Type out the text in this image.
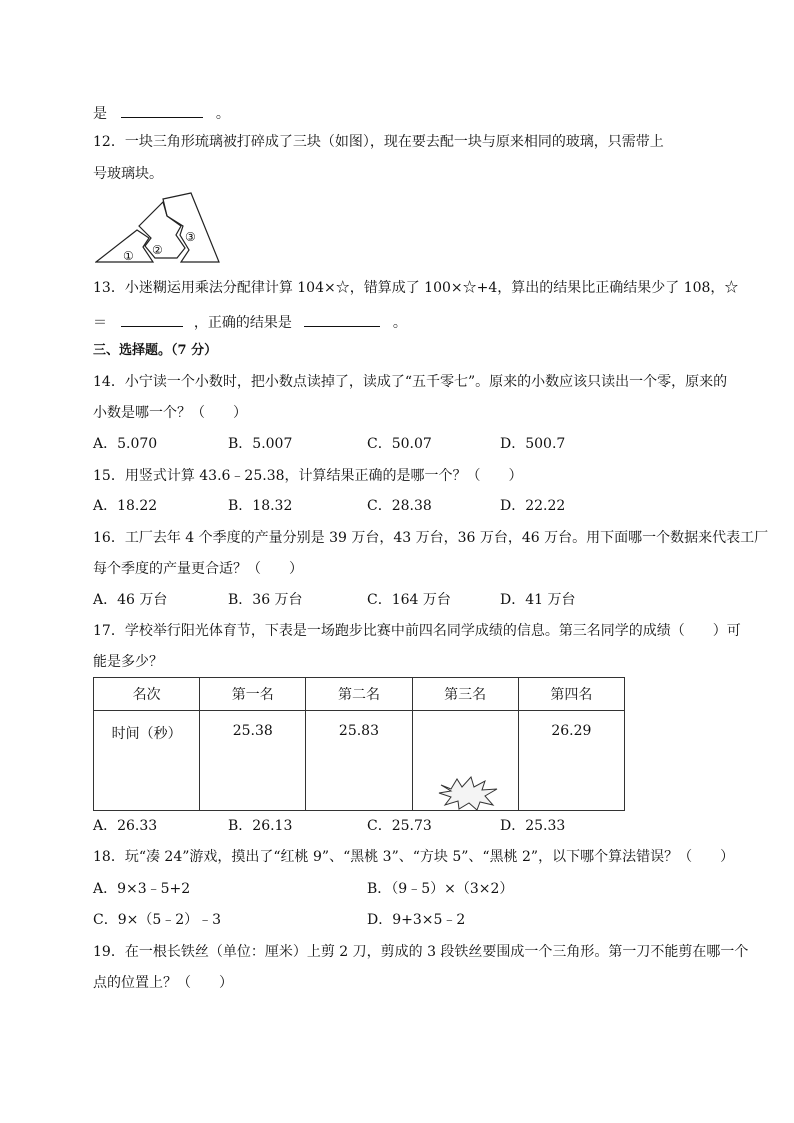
是	。
12．一块三角形琉璃被打碎成了三块（如图），现在要去配一块与原来相同的玻璃，只需带上
号玻璃块。
① ②
③
13．小迷糊运用乘法分配律计算 104×☆，错算成了 100×☆+4，算出的结果比正确结果少了 108，☆
＝	，正确的结果是	。
三、选择题。（7 分）
14．小宁读一个小数时，把小数点读掉了，读成了“五千零七”。原来的小数应该只读出一个零，原来的
小数是哪一个？（　　）
A．5.070	B．5.007	C．50.07	D．500.7
15．用竖式计算 43.6﹣25.38，计算结果正确的是哪一个？（　　）
A．18.22	B．18.32	C．28.38	D．22.22
16．工厂去年 4 个季度的产量分别是 39 万台，43 万台，36 万台，46 万台。用下面哪一个数据来代表工厂
每个季度的产量更合适？（　　）
A．46 万台	B．36 万台	C．164 万台	D．41 万台
17．学校举行阳光体育节，下表是一场跑步比赛中前四名同学成绩的信息。第三名同学的成绩（　　）可
能是多少？
名次	第一名	第二名	第三名	第四名
时间（秒）	25.38	25.83		26.29
A．26.33	B．26.13	C．25.73	D．25.33
18．玩“凑 24”游戏，摸出了“红桃 9”、“黑桃 3”、“方块 5”、“黑桃 2”，以下哪个算法错误？（　　）
A．9×3﹣5+2	B．（9﹣5）×（3×2）
C．9×（5﹣2）﹣3	D．9+3×5﹣2
19．在一根长铁丝（单位：厘米）上剪 2 刀，剪成的 3 段铁丝要围成一个三角形。第一刀不能剪在哪一个
点的位置上？（　　）
